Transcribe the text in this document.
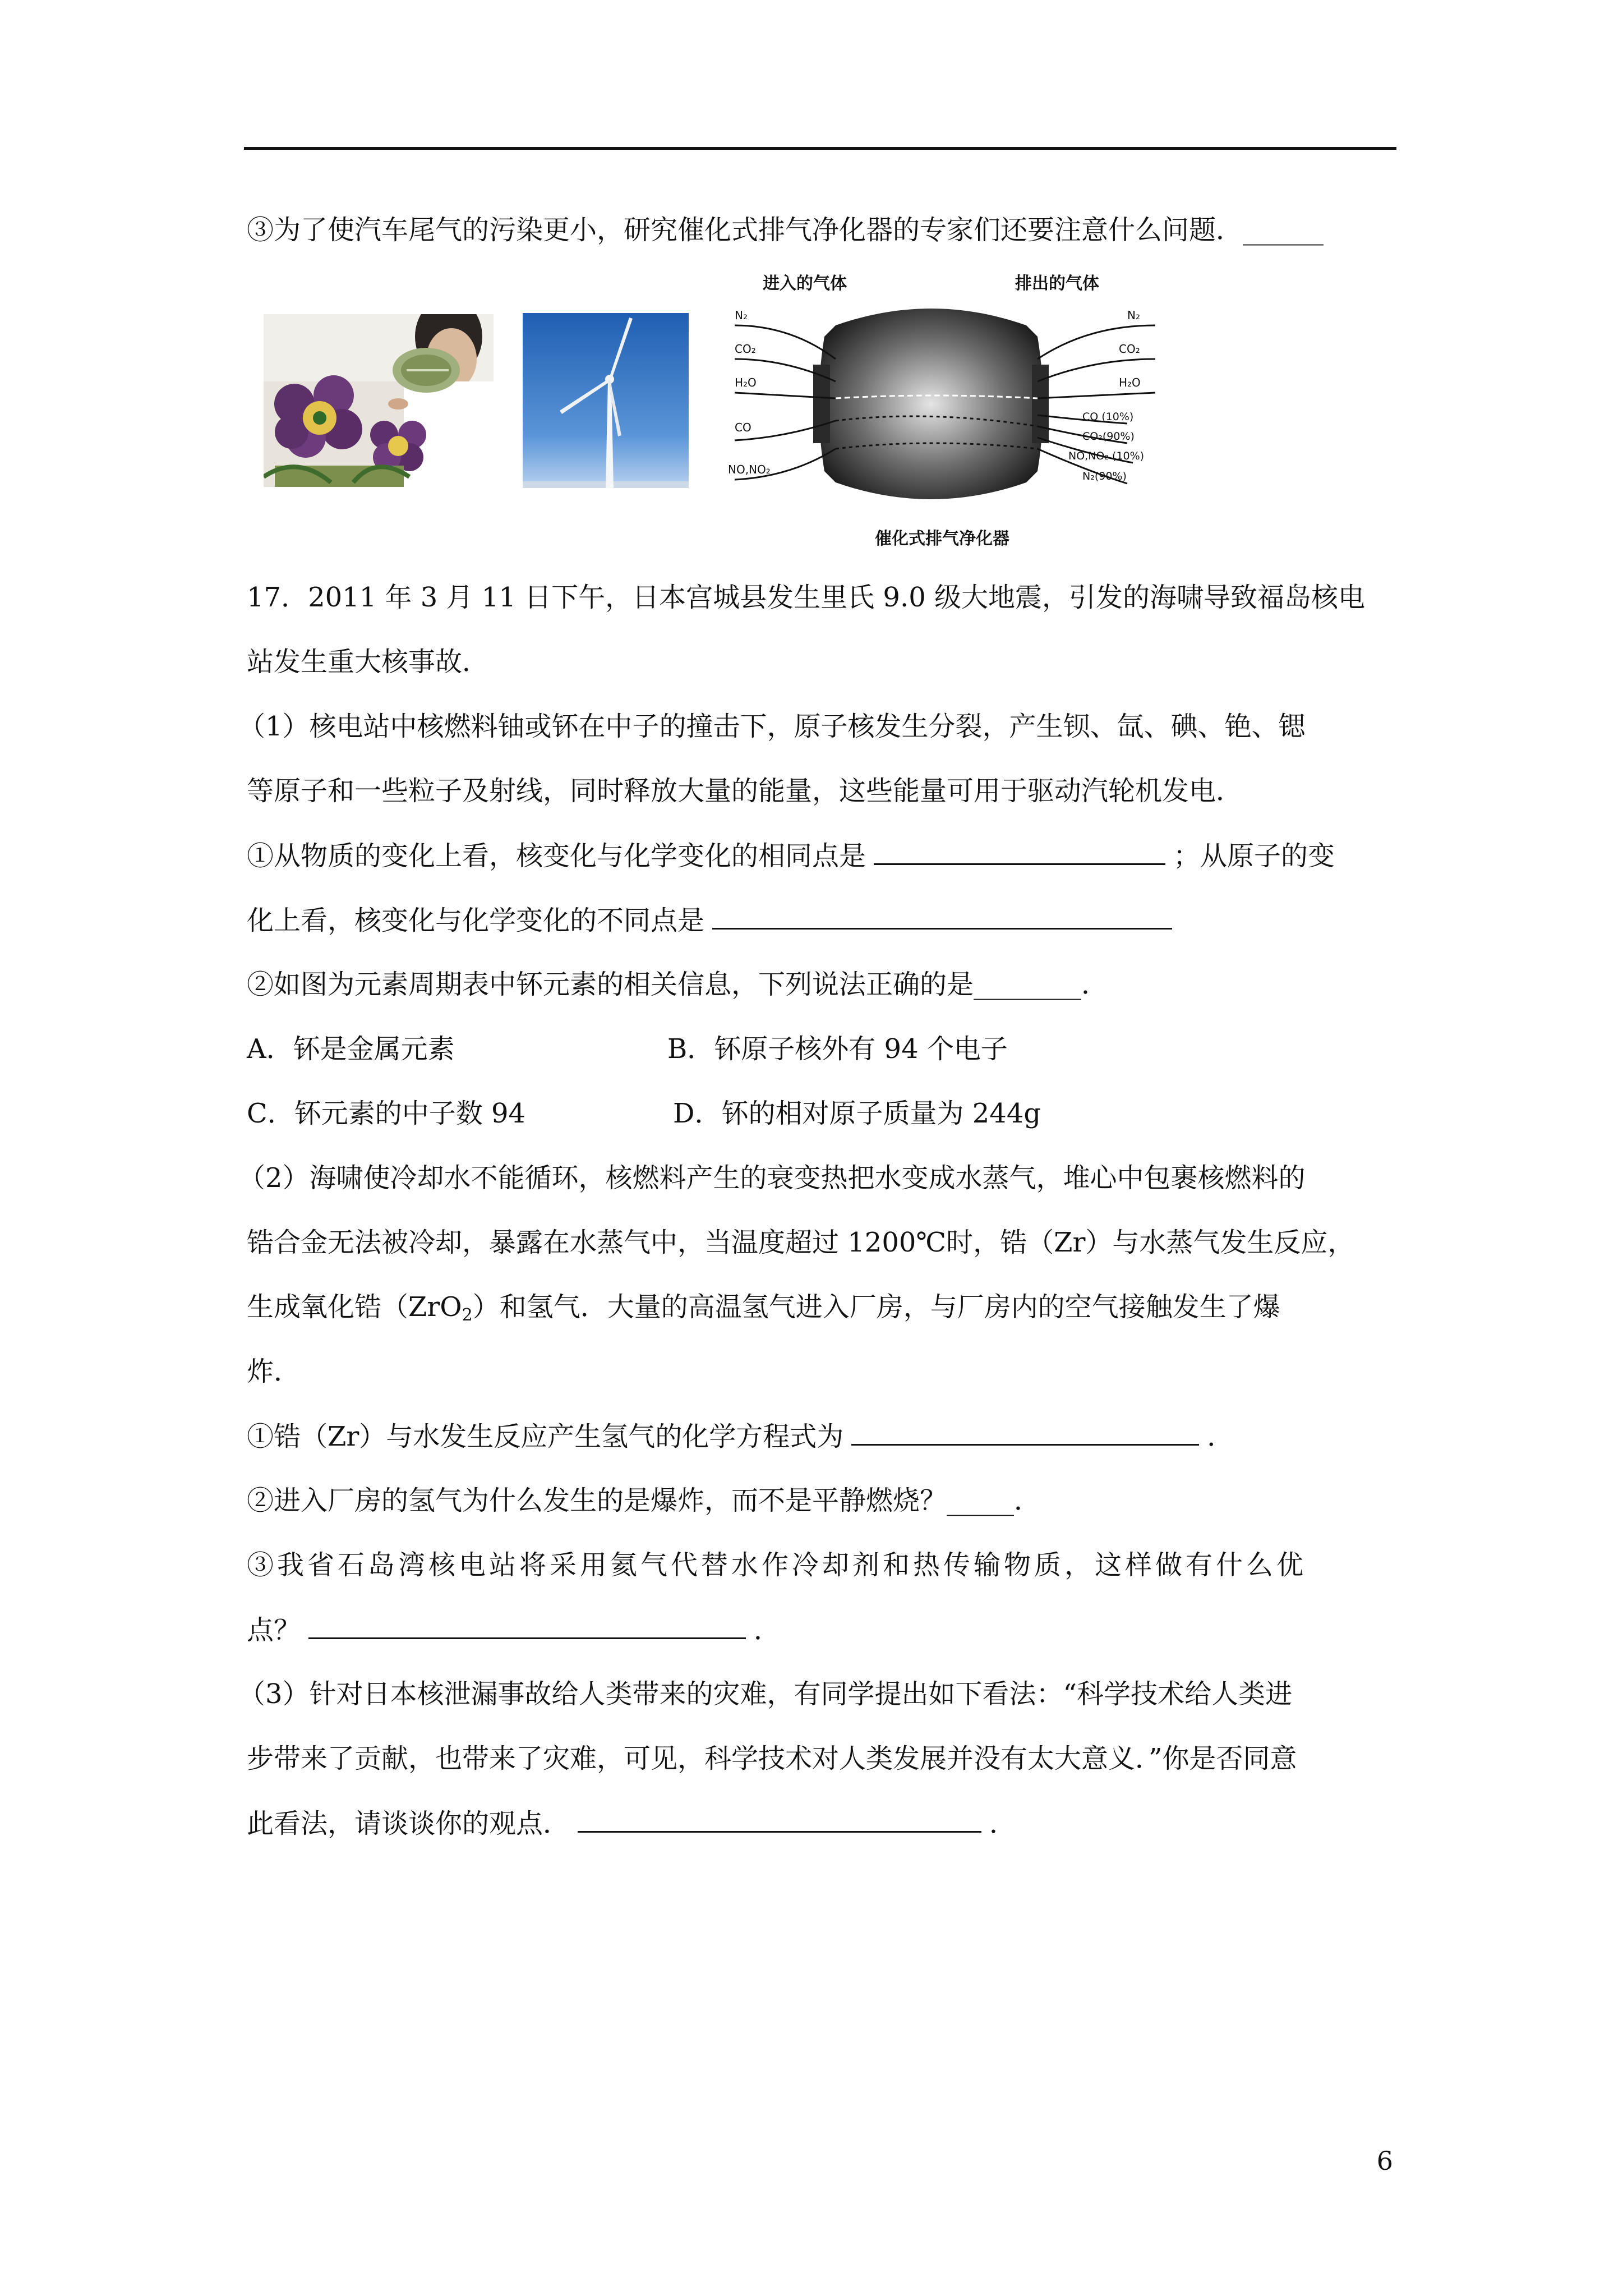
③为了使汽车尾气的污染更小，研究催化式排气净化器的专家们还要注意什么问题．______
进入的气体	排出的气体
N₂
CO₂
H₂O
CO
NO,NO₂
N₂
CO₂
H₂O
CO (10%)
CO₂(90%)
NO,NO₂ (10%)
N₂(90%)
催化式排气净化器
17．2011 年 3 月 11 日下午，日本宫城县发生里氏 9.0 级大地震，引发的海啸导致福岛核电
站发生重大核事故．
（1）核电站中核燃料铀或钚在中子的撞击下，原子核发生分裂，产生钡、氙、碘、铯、锶
等原子和一些粒子及射线，同时释放大量的能量，这些能量可用于驱动汽轮机发电．
①从物质的变化上看，核变化与化学变化的相同点是	；从原子的变
化上看，核变化与化学变化的不同点是
②如图为元素周期表中钚元素的相关信息，下列说法正确的是________．
A．钚是金属元素	B．钚原子核外有 94 个电子
C．钚元素的中子数 94	D．钚的相对原子质量为 244g
（2）海啸使冷却水不能循环，核燃料产生的衰变热把水变成水蒸气，堆心中包裹核燃料的
锆合金无法被冷却，暴露在水蒸气中，当温度超过 1200℃时，锆（Zr）与水蒸气发生反应，
生成氧化锆（ZrO$_2$）和氢气．大量的高温氢气进入厂房，与厂房内的空气接触发生了爆
炸．
①锆（Zr）与水发生反应产生氢气的化学方程式为	．
②进入厂房的氢气为什么发生的是爆炸，而不是平静燃烧？_____．
③我省石岛湾核电站将采用氦气代替水作冷却剂和热传输物质，这样做有什么优
点？	．
（3）针对日本核泄漏事故给人类带来的灾难，有同学提出如下看法：“科学技术给人类进
步带来了贡献，也带来了灾难，可见，科学技术对人类发展并没有太大意义．”你是否同意
此看法，请谈谈你的观点．	．
6
